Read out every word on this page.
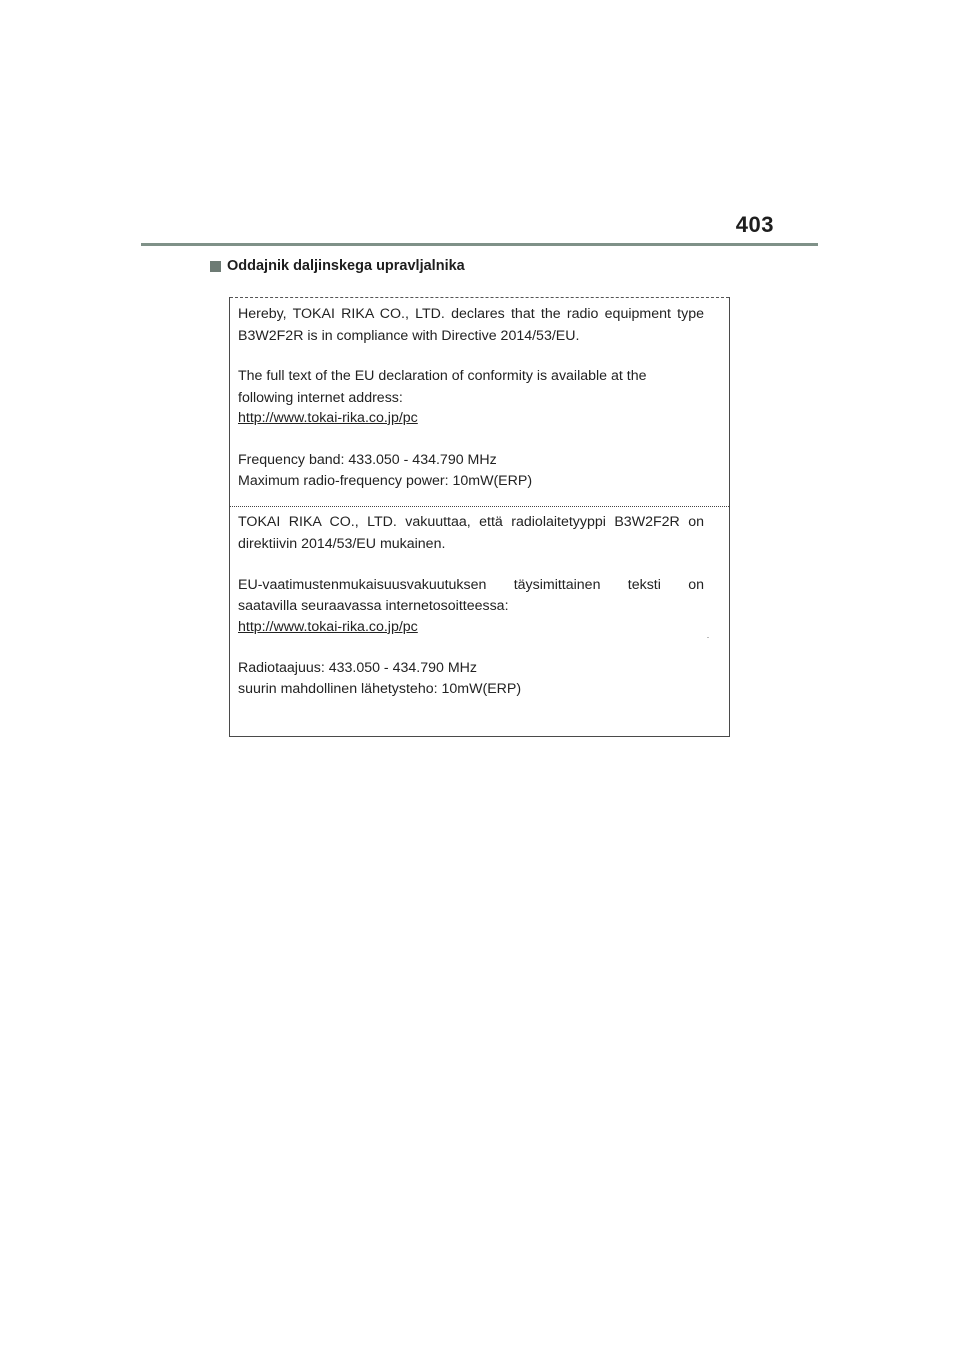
403
Oddajnik daljinskega upravljalnika
Hereby, TOKAI RIKA CO., LTD. declares that the radio equipment type
B3W2F2R is in compliance with Directive 2014/53/EU.
The full text of the EU declaration of conformity is available at the
following internet address:
http://www.tokai-rika.co.jp/pc
Frequency band: 433.050 - 434.790 MHz
Maximum radio-frequency power: 10mW(ERP)
TOKAI RIKA CO., LTD. vakuuttaa, että radiolaitetyyppi B3W2F2R on
direktiivin 2014/53/EU mukainen.
EU-vaatimustenmukaisuusvakuutuksen täysimittainen teksti on
saatavilla seuraavassa internetosoitteessa:
http://www.tokai-rika.co.jp/pc
Radiotaajuus: 433.050 - 434.790 MHz
suurin mahdollinen lähetysteho: 10mW(ERP)
